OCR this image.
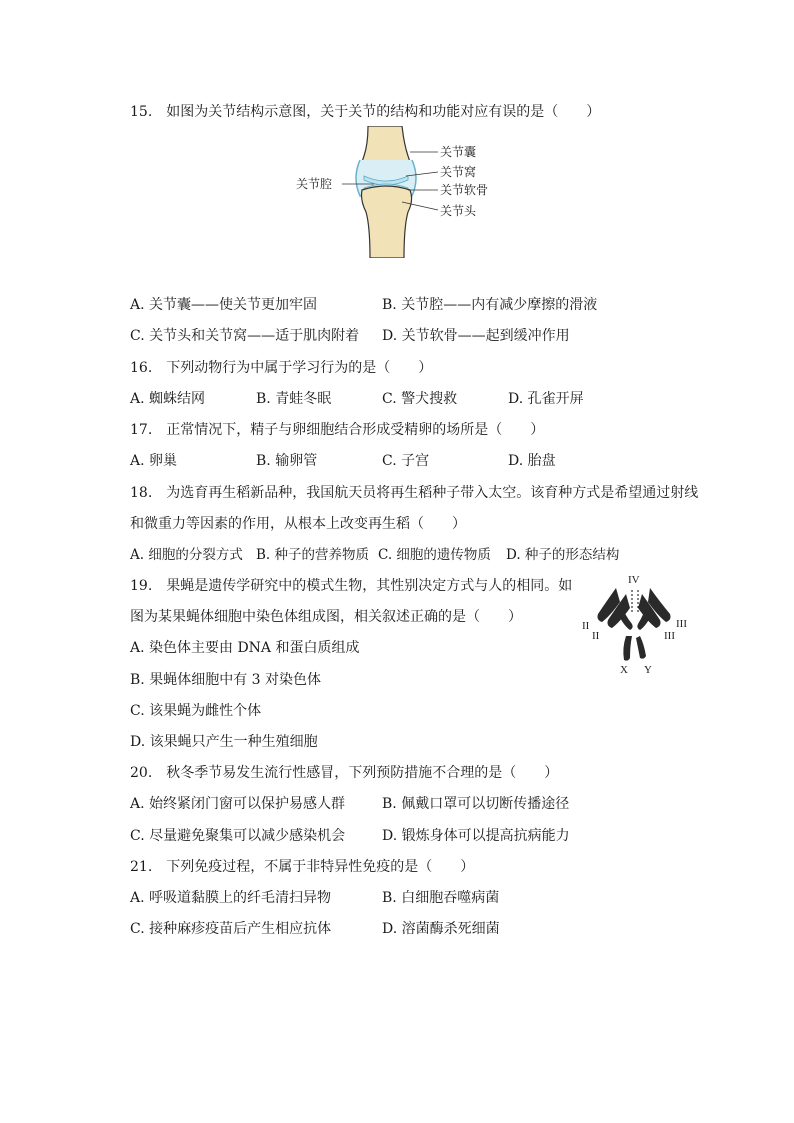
15. 如图为关节结构示意图，关于关节的结构和功能对应有误的是（　　）
关节囊
关节窝
关节软骨
关节头
关节腔
A. 关节囊——使关节更加牢固	B. 关节腔——内有减少摩擦的滑液
C. 关节头和关节窝——适于肌肉附着 D. 关节软骨——起到缓冲作用
16. 下列动物行为中属于学习行为的是（　　）
A. 蜘蛛结网	B. 青蛙冬眠	C. 警犬搜救	D. 孔雀开屏
17. 正常情况下，精子与卵细胞结合形成受精卵的场所是（　　）
A. 卵巢	B. 输卵管	C. 子宫	D. 胎盘
18. 为选育再生稻新品种，我国航天员将再生稻种子带入太空。该育种方式是希望通过射线
和微重力等因素的作用，从根本上改变再生稻（　　）
A. 细胞的分裂方式 B. 种子的营养物质 C. 细胞的遗传物质 D. 种子的形态结构
19. 果蝇是遗传学研究中的模式生物，其性别决定方式与人的相同。如
图为某果蝇体细胞中染色体组成图，相关叙述正确的是（　　）
A. 染色体主要由 DNA 和蛋白质组成
B. 果蝇体细胞中有 3 对染色体
C. 该果蝇为雌性个体
D. 该果蝇只产生一种生殖细胞
IV
II
II
III
III
X Y
20. 秋冬季节易发生流行性感冒，下列预防措施不合理的是（　　）
A. 始终紧闭门窗可以保护易感人群	B. 佩戴口罩可以切断传播途径
C. 尽量避免聚集可以减少感染机会	D. 锻炼身体可以提高抗病能力
21. 下列免疫过程，不属于非特异性免疫的是（　　）
A. 呼吸道黏膜上的纤毛清扫异物	B. 白细胞吞噬病菌
C. 接种麻疹疫苗后产生相应抗体	D. 溶菌酶杀死细菌
